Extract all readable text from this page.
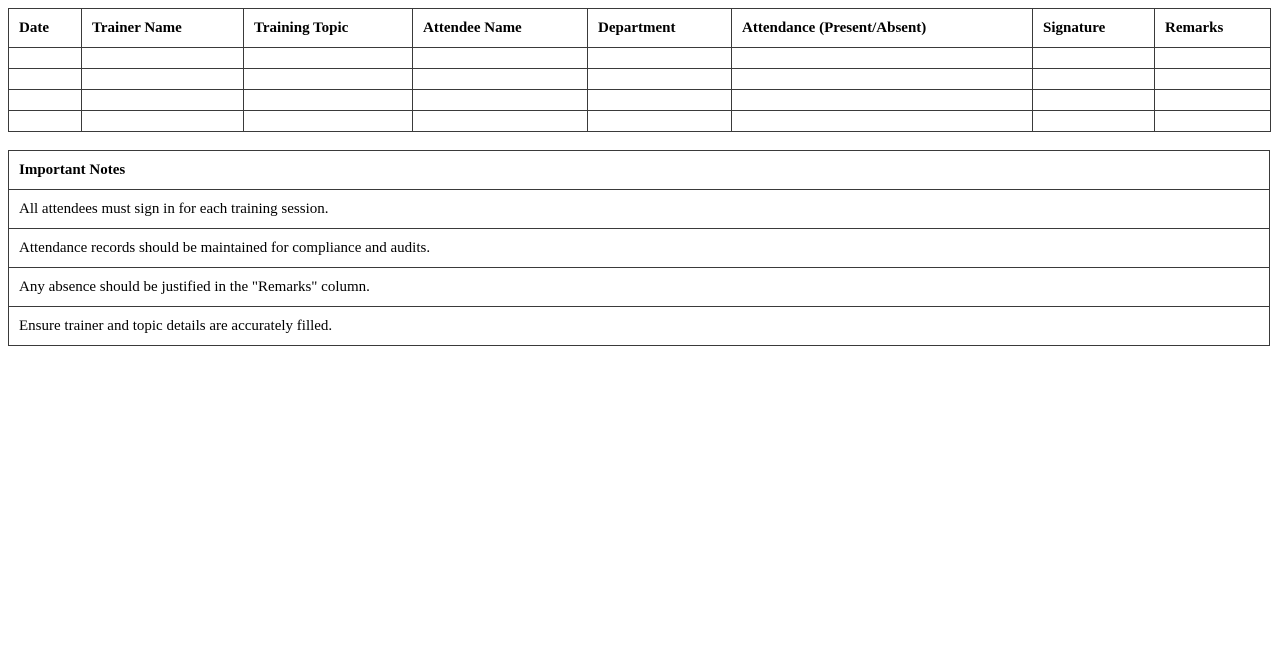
Date	Trainer Name	Training Topic	Attendee Name	Department	Attendance (Present/Absent)	Signature	Remarks

Important Notes
All attendees must sign in for each training session.
Attendance records should be maintained for compliance and audits.
Any absence should be justified in the "Remarks" column.
Ensure trainer and topic details are accurately filled.
